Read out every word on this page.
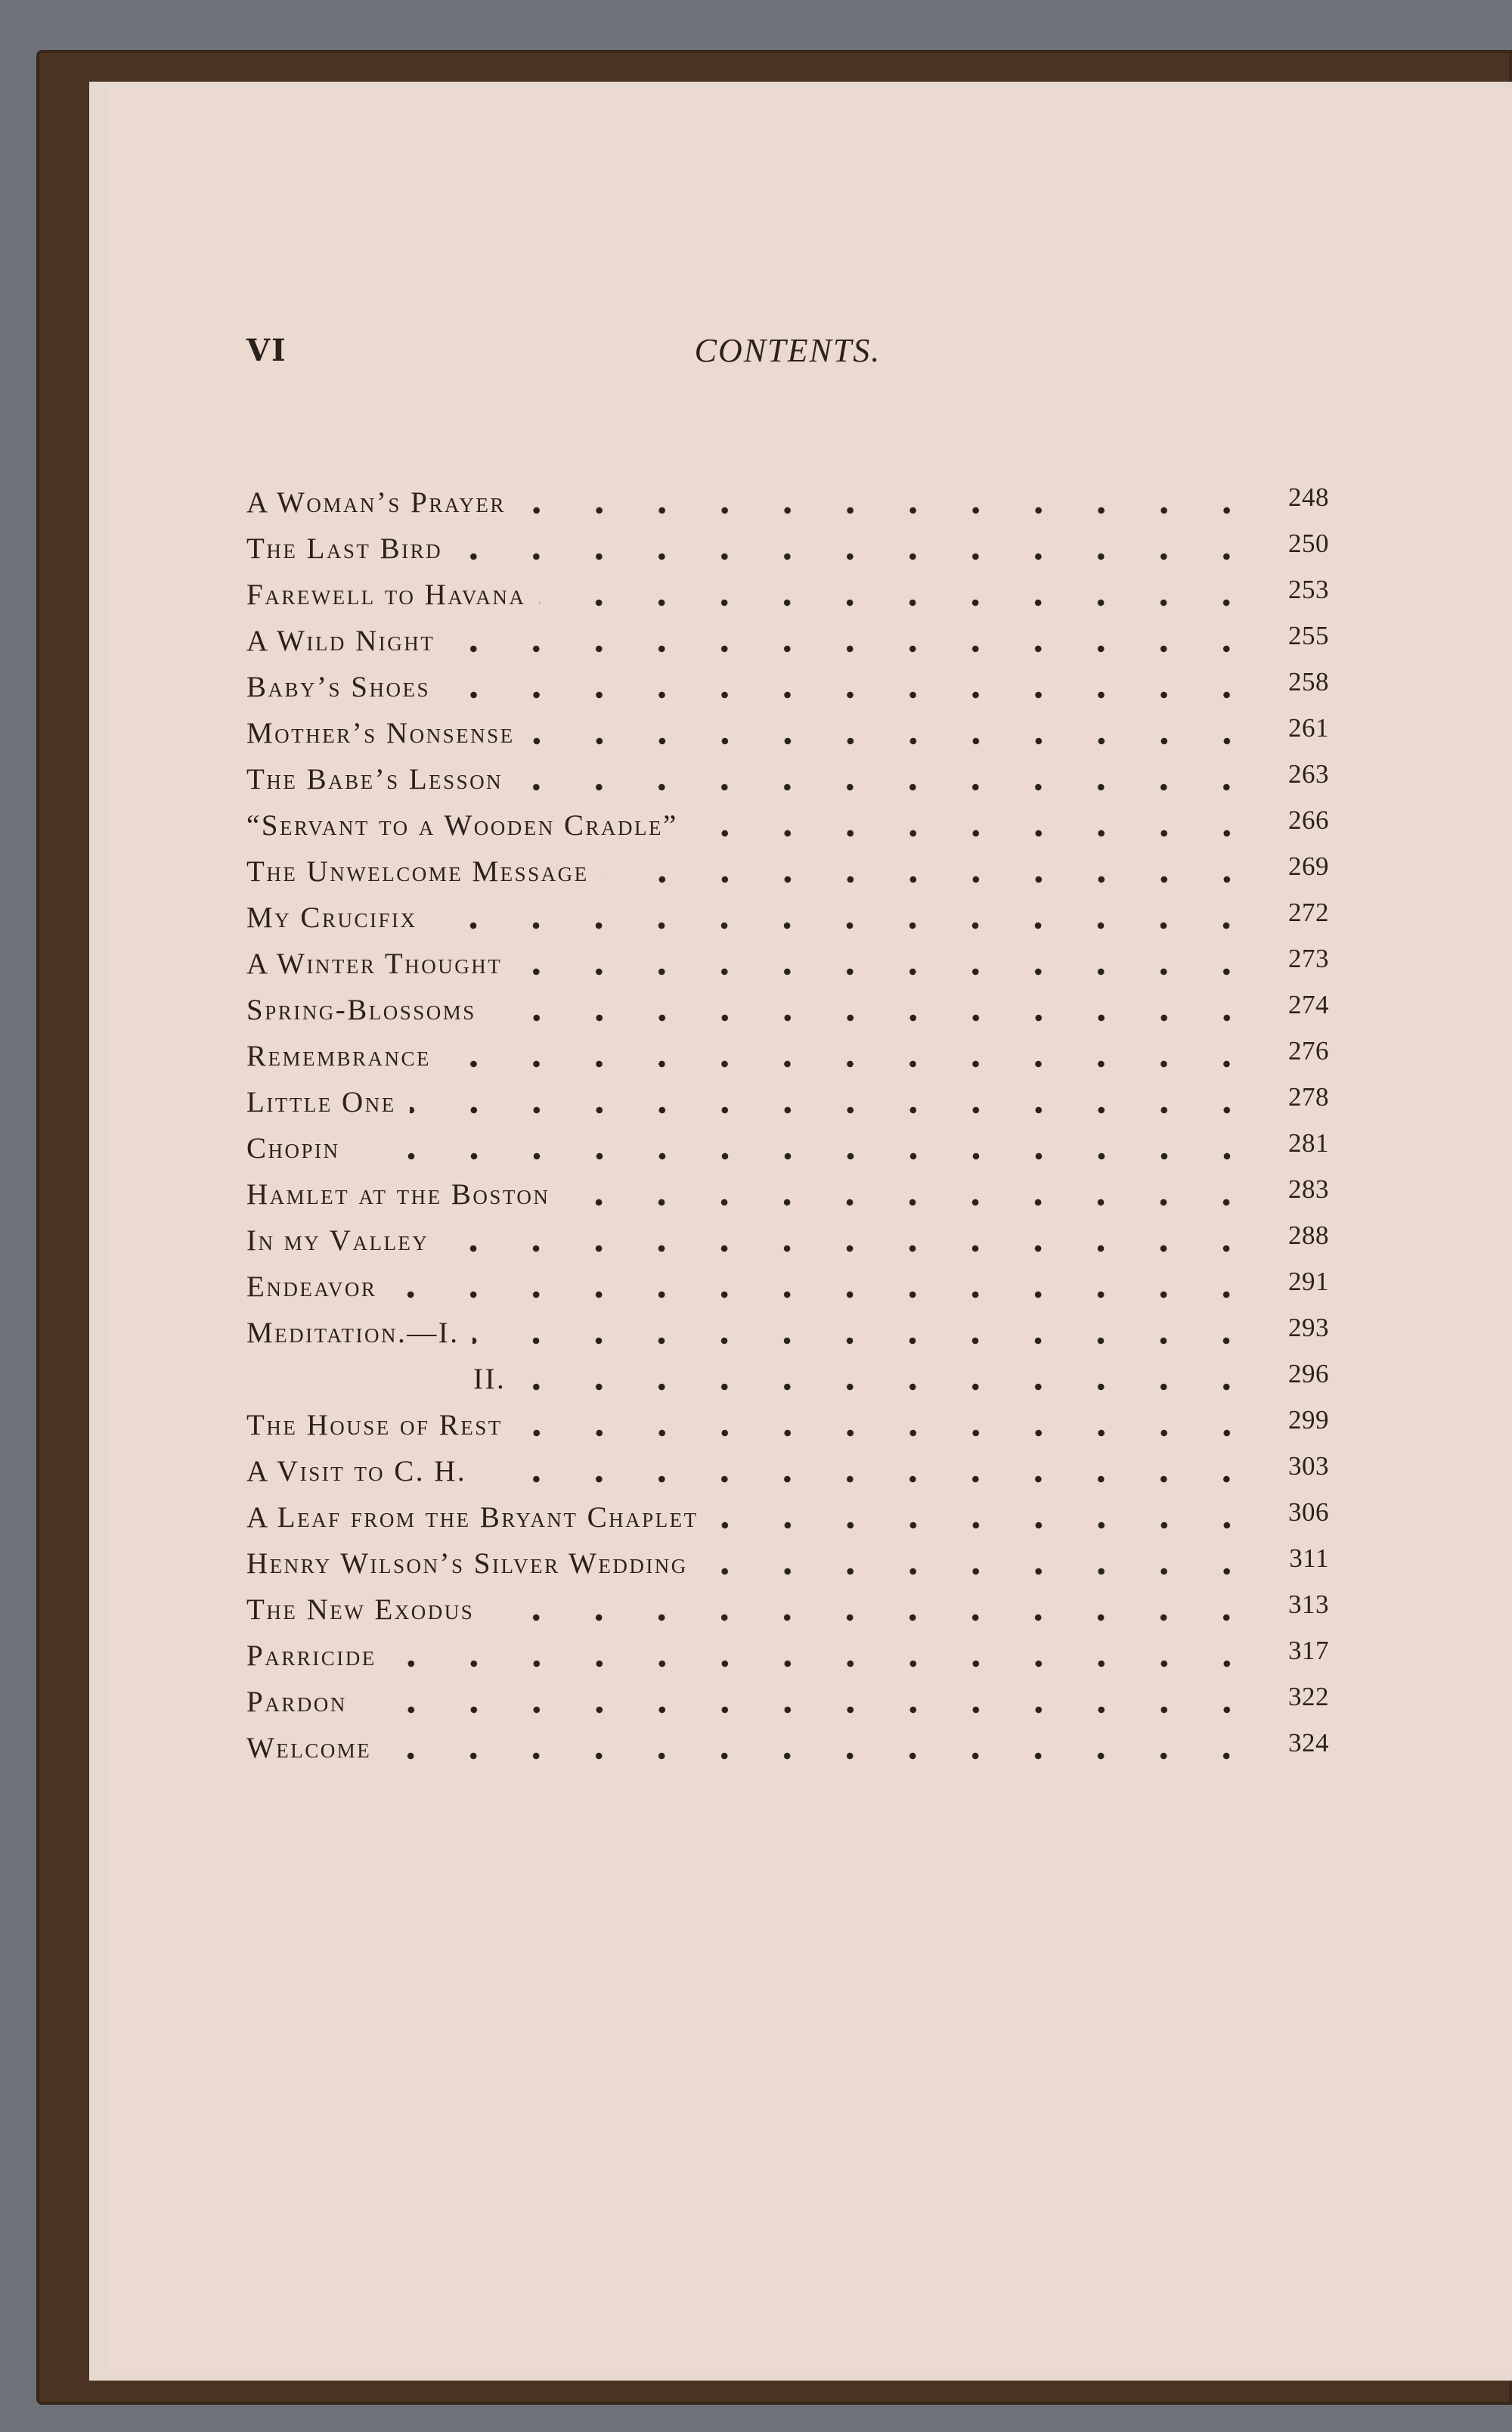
VI	CONTENTS.
A Woman’s Prayer	248
The Last Bird	250
Farewell to Havana	253
A Wild Night	255
Baby’s Shoes	258
Mother’s Nonsense	261
The Babe’s Lesson	263
“Servant to a Wooden Cradle”	266
The Unwelcome Message	269
My Crucifix	272
A Winter Thought	273
Spring-Blossoms	274
Remembrance	276
Little One	278
Chopin	281
Hamlet at the Boston	283
In my Valley	288
Endeavor	291
Meditation.—I.	293
II.	296
The House of Rest	299
A Visit to C. H.	303
A Leaf from the Bryant Chaplet	306
Henry Wilson’s Silver Wedding	311
The New Exodus	313
Parricide	317
Pardon	322
Welcome	324
